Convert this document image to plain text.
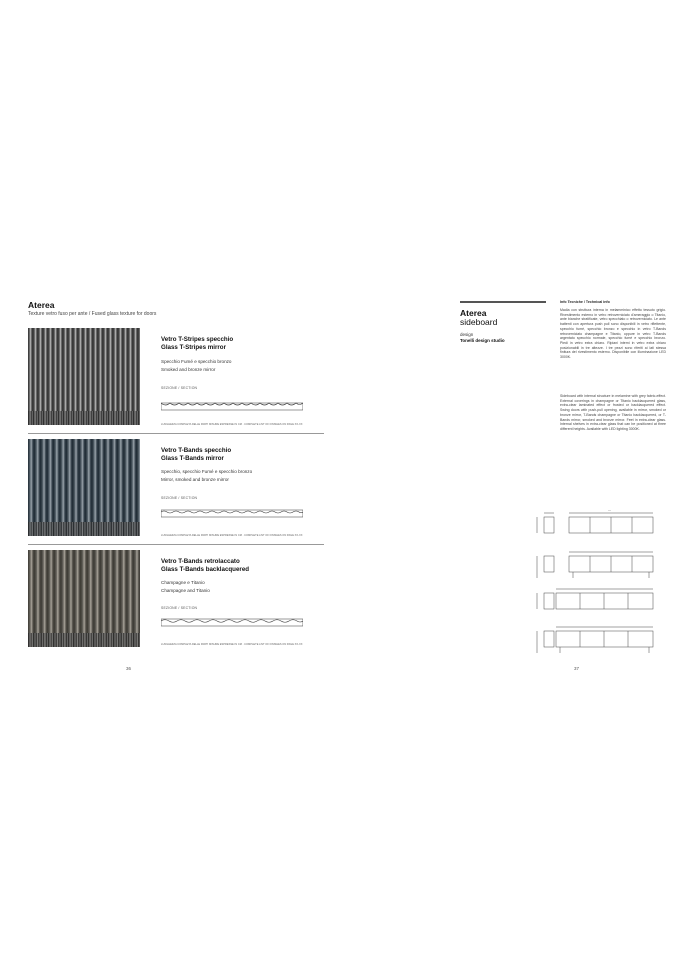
Aterea
Texture vetro fuso per ante / Fused glass texture for doors
Vetro T-Stripes specchio
Glass T-Stripes mirror
Specchio Fumé e specchio bronzo
Smoked and bronze mirror
SEZIONE / SECTION
LUNGHEZZA COMPLETA DELLE PARTI MISURE ESPRESSE IN CM · COMPLETE LIST OF FINISHES ON PAGE XX-XX
Vetro T-Bands specchio
Glass T-Bands mirror
Specchio, specchio Fumé e specchio bronzo
Mirror, smoked and bronze mirror
SEZIONE / SECTION
LUNGHEZZA COMPLETA DELLE PARTI MISURE ESPRESSE IN CM · COMPLETE LIST OF FINISHES ON PAGE XX-XX
Vetro T-Bands retrolaccato
Glass T-Bands backlacquered
Champagne e Titanio
Champagne and Titanio
SEZIONE / SECTION
LUNGHEZZA COMPLETA DELLE PARTI MISURE ESPRESSE IN CM · COMPLETE LIST OF FINISHES ON PAGE XX-XX
36
Aterea
sideboard
design
Tonelli design studio
Info Tecniche / Technical info
Madia con struttura interna in melamminico effetto tessuto grigio. Rivestimento esterno in vetro retroverniciato d'ameraggio o Titanio, ante bianche stratificate, vetro specchiato o retroverniciato. Le ante battenti con apertura push pull sono disponibili in vetro riflettente, specchio fumé, specchio bronzo e specchio in vetro T-Bands retroverniciato champagne e Titanio, oppure in vetro T-Bands argentato specchio normale, specchio fumé e specchio bronzo. Piedi in vetro extra chiaro. Ripiani interni in vetro extra chiaro posizionabili in tre altezze. I tre pezzi sono riferiti ai lati stessa finitura del rivestimento esterno. Disponibile con illuminazione LED 3000K.
Sideboard with internal structure in melamine with grey fabric-effect. External coverings in champagne or Titanio backlacquered glass, extra-clear laminated effect or frosted or backlacquered effect. Swing doors with push-pull opening, available in mirror, smoked or bronze mirror, T-Bands champagne or Titanio backlacquered, or T-Bands mirror, smoked and bronze mirror. Feet in extra-clear glass. Internal shelves in extra-clear glass that can be positioned at three different heights. Available with LED lighting 3000K.
—
37
